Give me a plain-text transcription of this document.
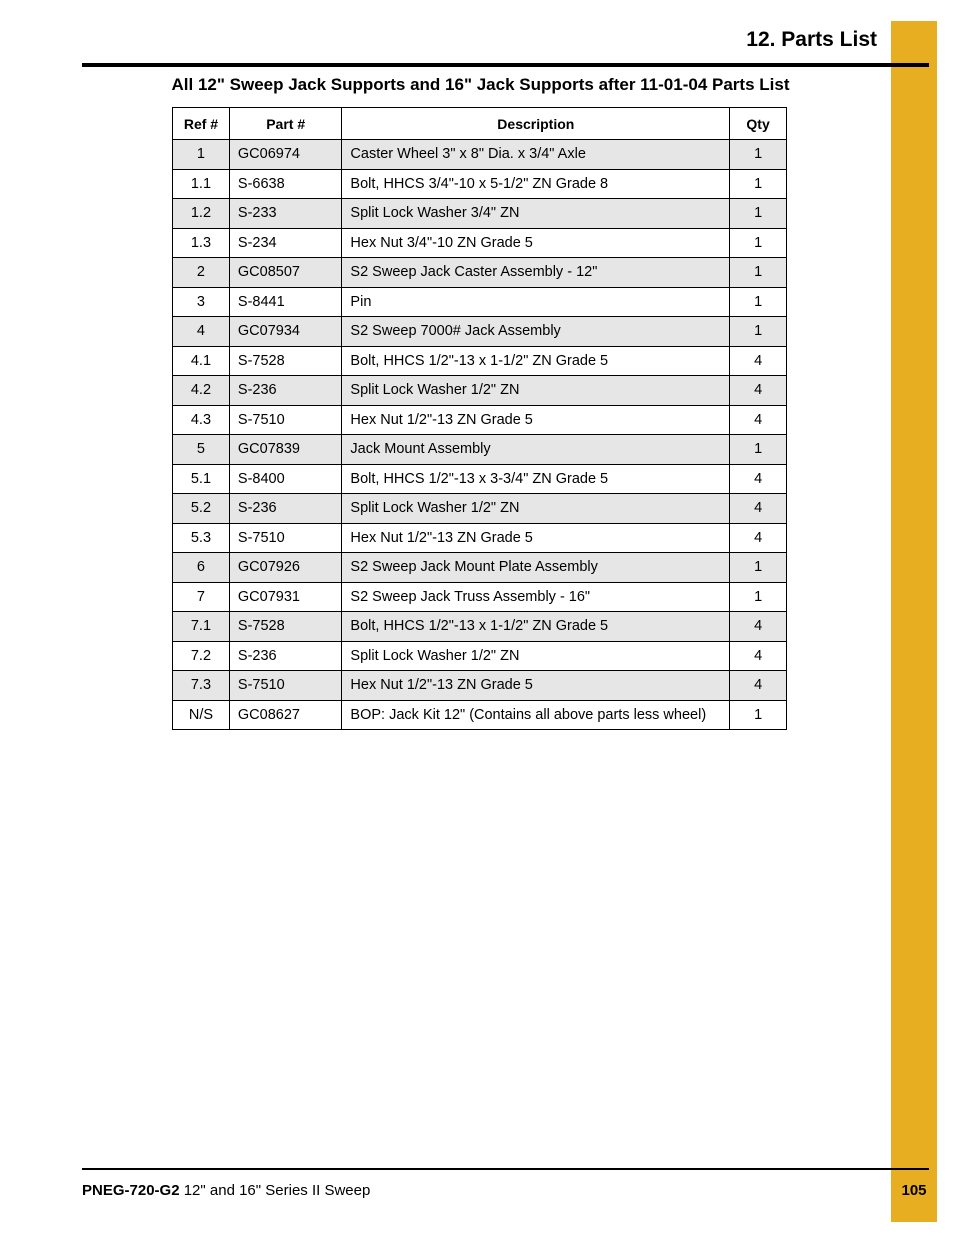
12. Parts List
All 12" Sweep Jack Supports and 16" Jack Supports after 11-01-04 Parts List
Ref #	Part #	Description	Qty
1	GC06974	Caster Wheel 3" x 8" Dia. x 3/4" Axle	1
1.1	S-6638	Bolt, HHCS 3/4"-10 x 5-1/2" ZN Grade 8	1
1.2	S-233	Split Lock Washer 3/4" ZN	1
1.3	S-234	Hex Nut 3/4"-10 ZN Grade 5	1
2	GC08507	S2 Sweep Jack Caster Assembly - 12"	1
3	S-8441	Pin	1
4	GC07934	S2 Sweep 7000# Jack Assembly	1
4.1	S-7528	Bolt, HHCS 1/2"-13 x 1-1/2" ZN Grade 5	4
4.2	S-236	Split Lock Washer 1/2" ZN	4
4.3	S-7510	Hex Nut 1/2"-13 ZN Grade 5	4
5	GC07839	Jack Mount Assembly	1
5.1	S-8400	Bolt, HHCS 1/2"-13 x 3-3/4" ZN Grade 5	4
5.2	S-236	Split Lock Washer 1/2" ZN	4
5.3	S-7510	Hex Nut 1/2"-13 ZN Grade 5	4
6	GC07926	S2 Sweep Jack Mount Plate Assembly	1
7	GC07931	S2 Sweep Jack Truss Assembly - 16"	1
7.1	S-7528	Bolt, HHCS 1/2"-13 x 1-1/2" ZN Grade 5	4
7.2	S-236	Split Lock Washer 1/2" ZN	4
7.3	S-7510	Hex Nut 1/2"-13 ZN Grade 5	4
N/S	GC08627	BOP: Jack Kit 12" (Contains all above parts less wheel)	1
PNEG-720-G2 12" and 16" Series II Sweep	105
